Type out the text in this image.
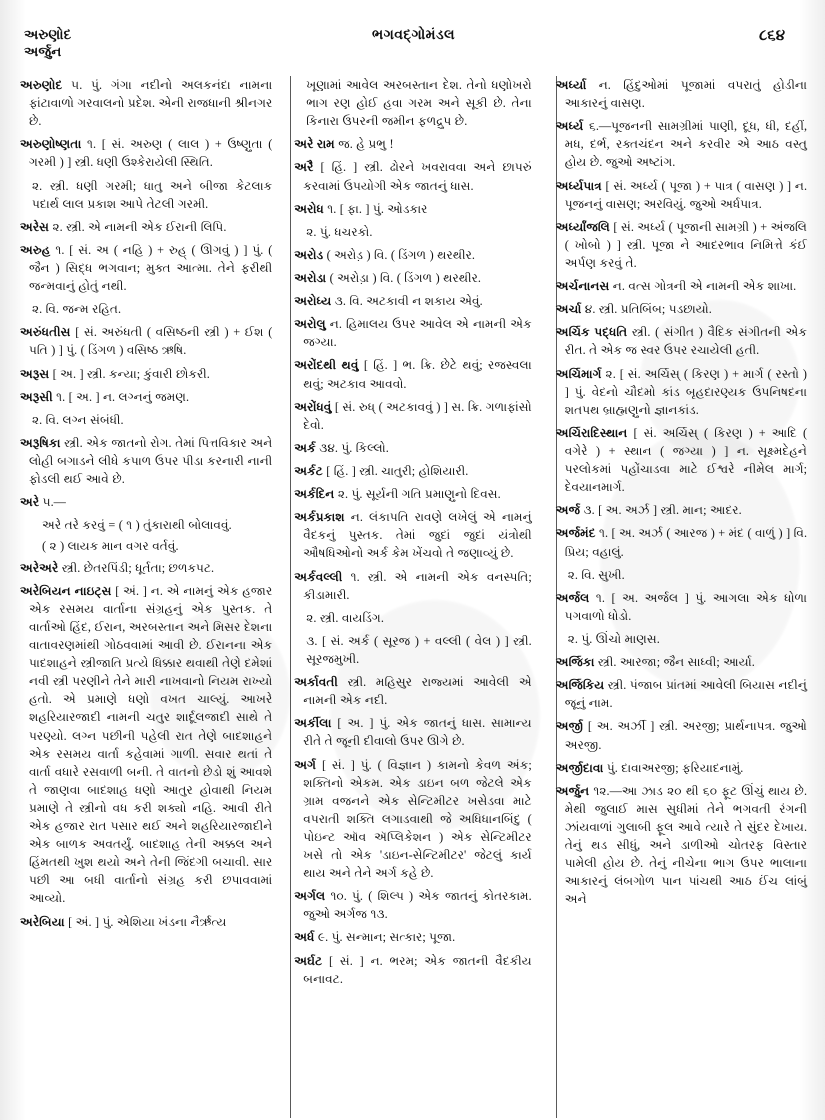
અરુણોદ
અર્જુન
ભગવદ્ગોમંડલ	૮૬૪

અરુણોદ ૫. પું. ગંગા નદીનો અલકનંદા નામના ફાંટાવાળો ગરવાલનો પ્રદેશ. એની રાજધાની શ્રીનગર છે.

અરુણોષ્ણતા ૧. [ સં. અરુણ ( લાલ ) + ઉષ્ણુતા ( ગરમી ) ] સ્ત્રી. ધણી ઉશ્કેરાયેલી સ્થિતિ.

૨. સ્ત્રી. ધણી ગરમી; ધાતુ અને બીજા કેટલાક પદાર્થ લાલ પ્રકાશ આપે તેટલી ગરમી.

અરેસ ૨. સ્ત્રી. એ નામની એક ઈરાની લિપિ.

અરુહ ૧. [ સં. અ ( નહિ ) + રુહ્ ( ઊગવું ) ] પું. ( જૈન ) સિદ્ધ ભગવાન; મુક્ત આત્મા. તેને ફરીથી જન્મવાનું હોતું નથી.

૨. વિ. જન્મ રહિત.

અરુંધતીસ [ સં. અરુંધતી ( વસિષ્ઠની સ્ત્રી ) + ઈશ ( પતિ ) ] પું. ( ડિંગળ ) વસિષ્ઠ ઋષિ.

અરૂસ [ અ. ] સ્ત્રી. કન્યા; કુંવારી છોકરી.

અરૂસી ૧. [ અ. ] ન. લગ્નનું જમણ.

૨. વિ. લગ્ન સંબંધી.

અરૂષિકા સ્ત્રી. એક જાતનો રોગ. તેમાં પિત્તવિકાર અને લોહી બગાડને લીધે કપાળ ઉપર પીડા કરનારી નાની ફોડલી થઈ આવે છે.

અરે ૫.—

અરે તરે કરવું = ( ૧ ) તુંકારાથી બોલાવવું.

( ૨ ) લાયક માન વગર વર્તવું.

અરેઅરે સ્ત્રી. છેતરપિંડી; ધૂર્તતા; છળકપટ.

અરેબિયન નાઇટ્સ [ અં. ] ન. એ નામનું એક હજાર એક રસમય વાર્તાના સંગ્રહનું એક પુસ્તક. તે વાર્તાઓ હિંદ, ઈરાન, અરબસ્તાન અને મિસર દેશના વાતાવરણમાંથી ગોઠવવામાં આવી છે. ઈરાનના એક પાદશાહને સ્ત્રીજાતિ પ્રત્યે ધિક્કાર થવાથી તેણે દમેશાં નવી સ્ત્રી પરણીને તેને મારી નાખવાનો નિયમ રાખ્યો હતો. એ પ્રમાણે ધણો વખત ચાલ્યું. આખરે શહરિયારજાદી નામની ચતુર શાર્દૂલજાદી સાથે તે પરણ્યો. લગ્ન પછીની પહેલી રાત તેણે બાદશાહને એક રસમય વાર્તા કહેવામાં ગાળી. સવાર થતાં તે વાર્તા વધારે રસવાળી બની. તે વાતનો છેડો શું આવશે તે જાણવા બાદશાહ ધણો આતુર હોવાથી નિયમ પ્રમાણે તે સ્ત્રીનો વધ કરી શક્યો નહિ. આવી રીતે એક હજાર રાત પસાર થઈ અને શહરિયારજાદીને એક બાળક અવતર્યું. બાદશાહ તેની અક્કલ અને હિંમતથી ખુશ થયો અને તેની જિંદગી બચાવી. સાર પછી આ બધી વાર્તાનો સંગ્રહ કરી છપાવવામાં આવ્યો.

અરેબિયા [ અં. ] પું. એશિયા ખંડના નૈર્ઋત્ય

ખૂણામાં આવેલ અરબસ્તાન દેશ. તેનો ધણોખરો ભાગ રણ હોઈ હવા ગરમ અને સૂકી છે. તેના કિનારા ઉપરની જમીન ફળદ્રુપ છે.

અરે રામ જ. હે પ્રભુ !

અરૈ [ હિં. ] સ્ત્રી. ઢોરને ખવરાવવા અને છાપરું કરવામાં ઉપયોગી એક જાતનું ધાસ.

અરોધ ૧. [ ફા. ] પું. ઓડકાર

૨. પું. ધચરકો.

અરોડ ( અરોડ઼ ) વિ. ( ડિંગળ ) થરથીર.

અરોડા ( અરોડ઼ા ) વિ. ( ડિંગળ ) થરથીર.

અરોધ્ય ૩. વિ. અટકાવી ન શકાય એવું.

અરોલુ ન. હિમાલય ઉપર આવેલ એ નામની એક જગ્યા.

અરોંદથી થવું [ હિં. ] ભ. ક્રિ. છેટે થવું; રજસ્વલા થવું; અટકાવ આવવો.

અરોંધવું [ સં. રુધ્ ( અટકાવવું ) ] સ. ક્રિ. ગળાફાંસો દેવો.

અર્ક ૩૪. પું. કિલ્લો.

અર્કટ [ હિં. ] સ્ત્રી. ચાતુરી; હોશિયારી.

અર્કદિન ૨. પું. સૂર્યની ગતિ પ્રમાણુનો દિવસ.

અર્કપ્રકાશ ન. લંકાપતિ રાવણે લખેલું એ નામનું વૈદકનું પુસ્તક. તેમાં જુદાં જુદાં યંત્રોથી ઔષધિઓનો અર્ક કેમ ખેંચવો તે જણાવ્યું છે.

અર્કવલ્લી ૧. સ્ત્રી. એ નામની એક વનસ્પતિ; કીડામારી.

૨. સ્ત્રી. વાયડિંગ.

૩. [ સં. અર્ક ( સૂરજ ) + વલ્લી ( વેલ ) ] સ્ત્રી. સૂરજમુખી.

અર્કાવતી સ્ત્રી. મહિસુર રાજ્યમાં આવેલી એ નામની એક નદી.

અર્કીલા [ અ. ] પું. એક જાતનું ધાસ. સામાન્ય રીતે તે જૂની દીવાલો ઉપર ઊગે છે.

અર્ગ [ સં. ] પું. ( વિજ્ઞાન ) કામનો કેવળ અંક; શક્તિનો એકમ. એક ડાઇન બળ જેટલે એક ગ્રામ વજનને એક સેન્ટિમીટર ખસેડવા માટે વપરાતી શક્તિ લગાડવાથી જે અધિધાનબિંદુ ( પોઇન્ટ ઑવ ઍપ્લિકેશન ) એક સેન્ટિમીટર ખસે તો એક 'ડાઇન-સેન્ટિમીટર' જેટલું કાર્ય થાય અને તેને અર્ગ કહે છે.

અર્ગલ ૧૦. પું. ( શિલ્પ ) એક જાતનું કોતરકામ. જુઓ અર્ગજ ૧૩.

અર્ધ ૯. પું. સન્માન; સત્કાર; પૂજા.

અર્ઘટ [ સં. ] ન. ભરમ; એક જાતની વૈદકીય બનાવટ.

અર્ધ્યા ન. હિંદુઓમાં પૂજામાં વપરાતું હોડીના આકારનું વાસણ.

અર્ધ્ય ૬.—પૂજનની સામગ્રીમાં પાણી, દૂધ, ધી, દહીં, મધ, દર્ભ, રક્તચંદન અને કરવીર એ આઠ વસ્તુ હોય છે. જુઓ અષ્ટાંગ.

અર્ધ્યપાત્ર [ સં. અર્ધ્ય ( પૂજા ) + પાત્ર ( વાસણ ) ] ન. પૂજનનું વાસણ; અરવિયું. જુઓ અર્ધપાત્ર.

અર્ધ્યાંજલિ [ સં. અર્ધ્ય ( પૂજાની સામગ્રી ) + અંજલિ ( ખોબો ) ] સ્ત્રી. પૂજા ને આદરભાવ નિમિત્તે કંઈ અર્પણ કરવું તે.

અર્ચનાનસ ન. વત્સ ગોત્રની એ નામની એક શાખા.

અર્ચા ૪. સ્ત્રી. પ્રતિબિંબ; પડછાયો.

અર્ચિક પદ્ધતિ સ્ત્રી. ( સંગીત ) વૈદિક સંગીતની એક રીત. તે એક જ સ્વર ઉપર રચાયેલી હતી.

અર્ચિમાર્ગ ૨. [ સં. અર્ચિસ્ ( કિરણ ) + માર્ગ ( રસ્તો ) ] પું. વેદનો ચૌદમો કાંડ બૃહદારણ્યક ઉપનિષદના શતપથ બ્રાહ્મણુનો જ્ઞાનકાંડ.

અર્ચિરાદિસ્થાન [ સં. અર્ચિસ્ ( કિરણ ) + આદિ ( વગેરે ) + સ્થાન ( જગ્યા ) ] ન. સૂક્ષ્મદેહને પરલોકમાં પહોંચાડવા માટે ઈશ્વરે નીમેલ માર્ગ; દેવયાનમાર્ગ.

અર્જ ૩. [ અ. અર્ઝ ] સ્ત્રી. માન; આદર.

અર્જમંદ ૧. [ અ. અર્ઝ ( આરજ ) + મંદ ( વાળું ) ] વિ. પ્રિય; વહાલું.

૨. વિ. સુખી.

અર્જલ ૧. [ અ. અર્જલ ] પું. આગલા એક ધોળા પગવાળો ધોડો.

૨. પું. ઊંચો માણસ.

અર્જિકા સ્ત્રી. આરજા; જૈન સાધ્વી; આર્યા.

અર્જિકિય સ્ત્રી. પંજાબ પ્રાંતમાં આવેલી બિયાસ નદીનું જૂનું નામ.

અર્જી [ અ. અર્ઝી ] સ્ત્રી. અરજી; પ્રાર્થનાપત્ર. જુઓ અરજી.

અર્જીદાવા પું. દાવાઅરજી; ફરિયાદનામું.

અર્જુન ૧૨.—આ ઝાડ ૨૦ થી ૬૦ ફૂટ ઊંચું થાય છે. મેથી જુલાઈ માસ સુધીમાં તેને ભગવતી રંગની ઝાંયવાળાં ગુલાબી ફૂલ આવે ત્યારે તે સુંદર દેખાય. તેનું થડ સીધું, અને ડાળીઓ ચોતરફ વિસ્તાર પામેલી હોય છે. તેનું નીચેના ભાગ ઉપર ભાલાના આકારનું લંબગોળ પાન પાંચથી આઠ ઈંચ લાંબું અને
